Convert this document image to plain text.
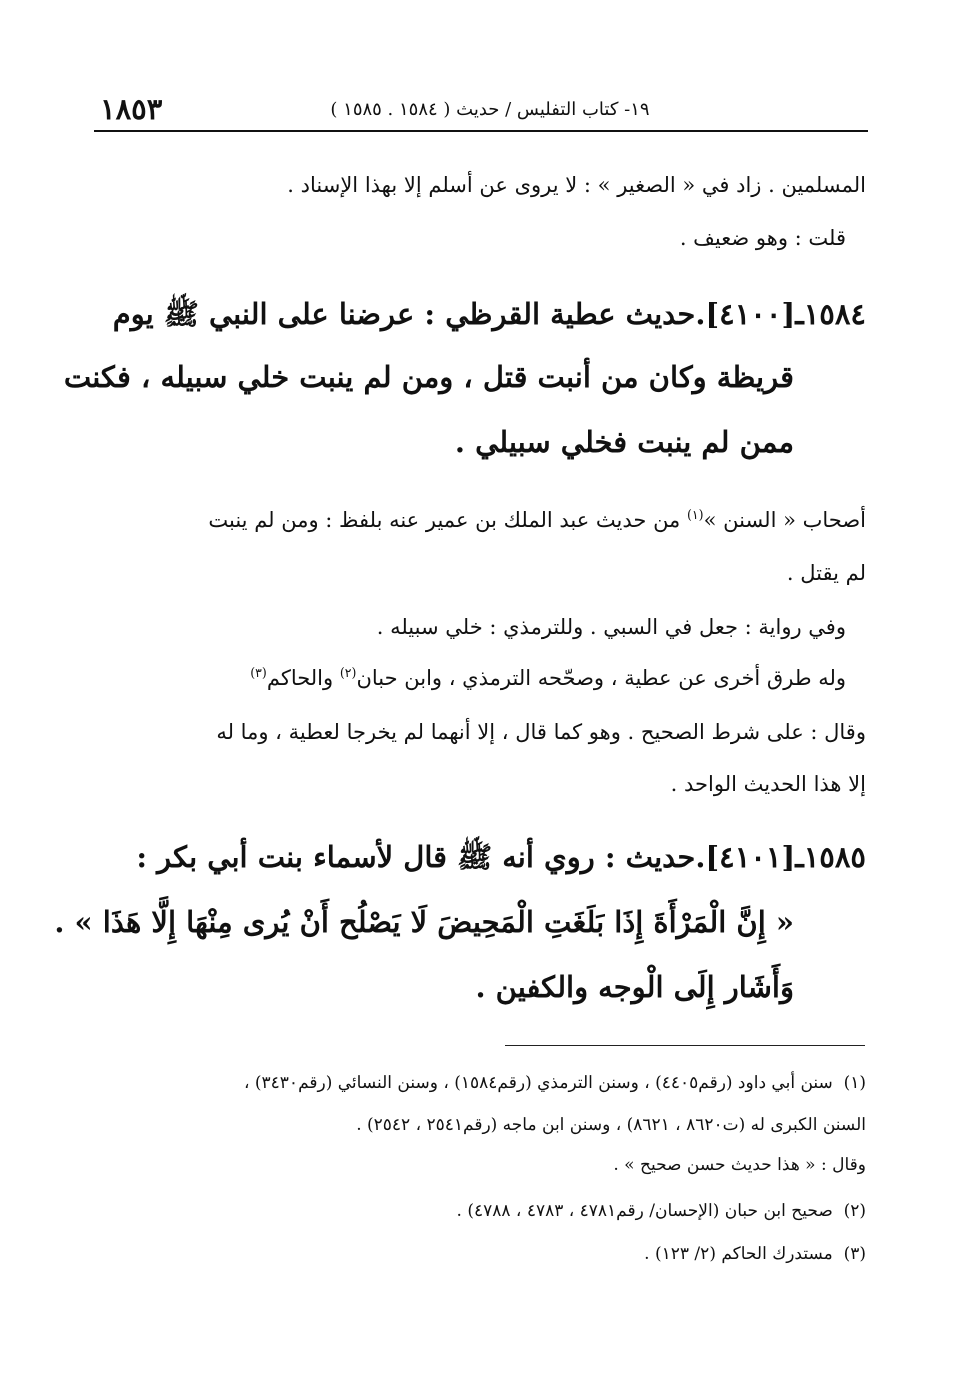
١٨٥٣	١٩- كتاب التفليس / حديث ( ١٥٨٤ . ١٥٨٥ )
المسلمين . زاد في « الصغير » : لا يروى عن أسلم إلا بهذا الإسناد .
قلت : وهو ضعيف .
١٥٨٤ـ[٤١٠٠].حديث عطية القرظي : عرضنا على النبي ﷺ يوم
قريظة وكان من أنبت قتل ، ومن لم ينبت خلي سبيله ، فكنت
ممن لم ينبت فخلي سبيلي .
أصحاب « السنن »$^{(١)}$ من حديث عبد الملك بن عمير عنه بلفظ : ومن لم ينبت
لم يقتل .
وفي رواية : جعل في السبي . وللترمذي : خلي سبيله .
وله طرق أخرى عن عطية ، وصحّحه الترمذي ، وابن حبان$^{(٢)}$ والحاكم$^{(٣)}$
وقال : على شرط الصحيح . وهو كما قال ، إلا أنهما لم يخرجا لعطية ، وما له
إلا هذا الحديث الواحد .
١٥٨٥ـ[٤١٠١].حديث : روي أنه ﷺ قال لأسماء بنت أبي بكر :
« إِنَّ الْمَرْأَةَ إِذَا بَلَغَتِ الْمَحِيضَ لَا يَصْلُح أَنْ يُرى مِنْهَا إِلَّا هَذَا » .
وَأَشَار إِلَى الْوجه والكفين .
(١)  سنن أبي داود (رقم٤٤٠٥) ، وسنن الترمذي (رقم١٥٨٤) ، وسنن النسائي (رقم٣٤٣٠) ،
السنن الكبرى له (ت٨٦٢٠ ، ٨٦٢١) ، وسنن ابن ماجه (رقم٢٥٤١ ، ٢٥٤٢) .
وقال : « هذا حديث حسن صحيح » .
(٢)  صحيح ابن حبان (الإحسان/ رقم٤٧٨١ ، ٤٧٨٣ ، ٤٧٨٨) .
(٣)  مستدرك الحاكم (٢/ ١٢٣) .
